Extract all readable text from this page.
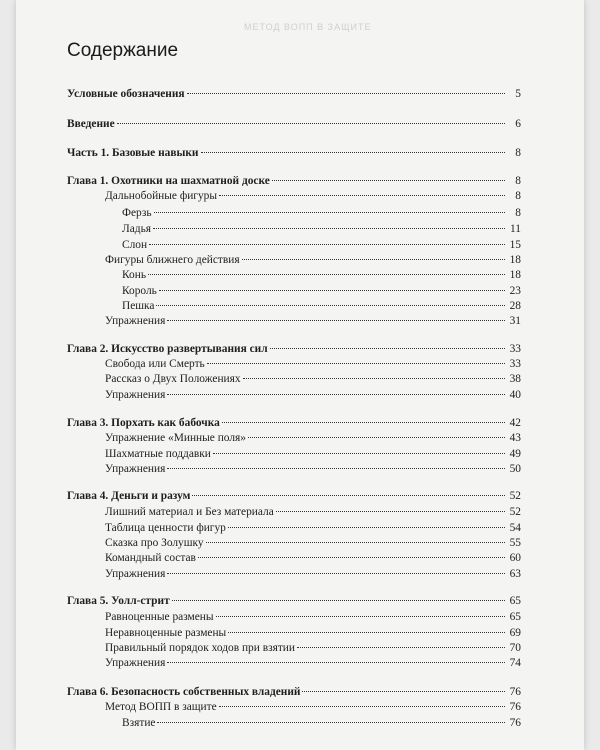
МЕТОД ВОПП В ЗАЩИТЕ
Содержание
Условные обозначения	5
Введение	6
Часть 1. Базовые навыки	8
Глава 1. Охотники на шахматной доске	8
Дальнобойные фигуры	8
Ферзь	8
Ладья	11
Слон	15
Фигуры ближнего действия	18
Конь	18
Король	23
Пешка	28
Упражнения	31
Глава 2. Искусство развертывания сил	33
Свобода или Смерть	33
Рассказ о Двух Положениях	38
Упражнения	40
Глава 3. Порхать как бабочка	42
Упражнение «Минные поля»	43
Шахматные поддавки	49
Упражнения	50
Глава 4. Деньги и разум	52
Лишний материал и Без материала	52
Таблица ценности фигур	54
Сказка про Золушку	55
Командный состав	60
Упражнения	63
Глава 5. Уолл-стрит	65
Равноценные размены	65
Неравноценные размены	69
Правильный порядок ходов при взятии	70
Упражнения	74
Глава 6. Безопасность собственных владений	76
Метод ВОПП в защите	76
Взятие	76
